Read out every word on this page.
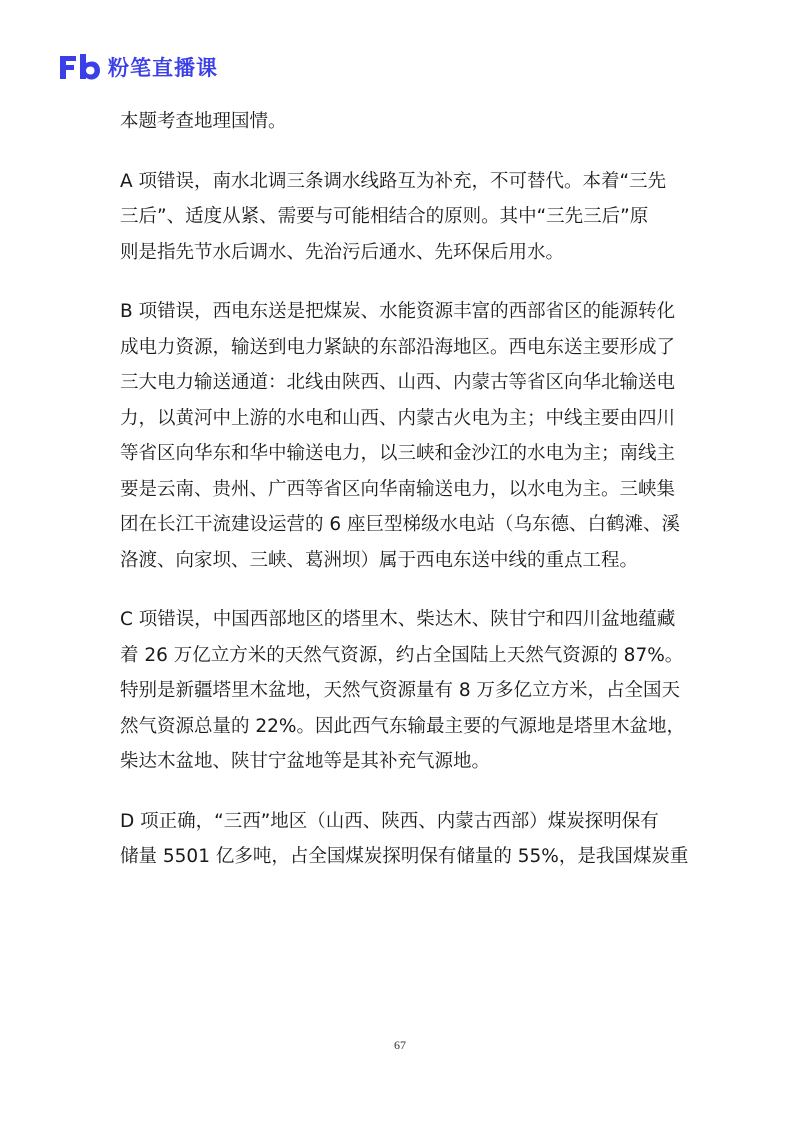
粉笔直播课

本题考查地理国情。

A 项错误，南水北调三条调水线路互为补充，不可替代。本着“三先
三后”、适度从紧、需要与可能相结合的原则。其中“三先三后”原
则是指先节水后调水、先治污后通水、先环保后用水。

B 项错误，西电东送是把煤炭、水能资源丰富的西部省区的能源转化
成电力资源，输送到电力紧缺的东部沿海地区。西电东送主要形成了
三大电力输送通道：北线由陕西、山西、内蒙古等省区向华北输送电
力，以黄河中上游的水电和山西、内蒙古火电为主；中线主要由四川
等省区向华东和华中输送电力，以三峡和金沙江的水电为主；南线主
要是云南、贵州、广西等省区向华南输送电力，以水电为主。三峡集
团在长江干流建设运营的 6 座巨型梯级水电站（乌东德、白鹤滩、溪
洛渡、向家坝、三峡、葛洲坝）属于西电东送中线的重点工程。

C 项错误，中国西部地区的塔里木、柴达木、陕甘宁和四川盆地蕴藏
着 26 万亿立方米的天然气资源，约占全国陆上天然气资源的 87%。
特别是新疆塔里木盆地，天然气资源量有 8 万多亿立方米，占全国天
然气资源总量的 22%。因此西气东输最主要的气源地是塔里木盆地，
柴达木盆地、陕甘宁盆地等是其补充气源地。

D 项正确，“三西”地区（山西、陕西、内蒙古西部）煤炭探明保有
储量 5501 亿多吨，占全国煤炭探明保有储量的 55%，是我国煤炭重

67
